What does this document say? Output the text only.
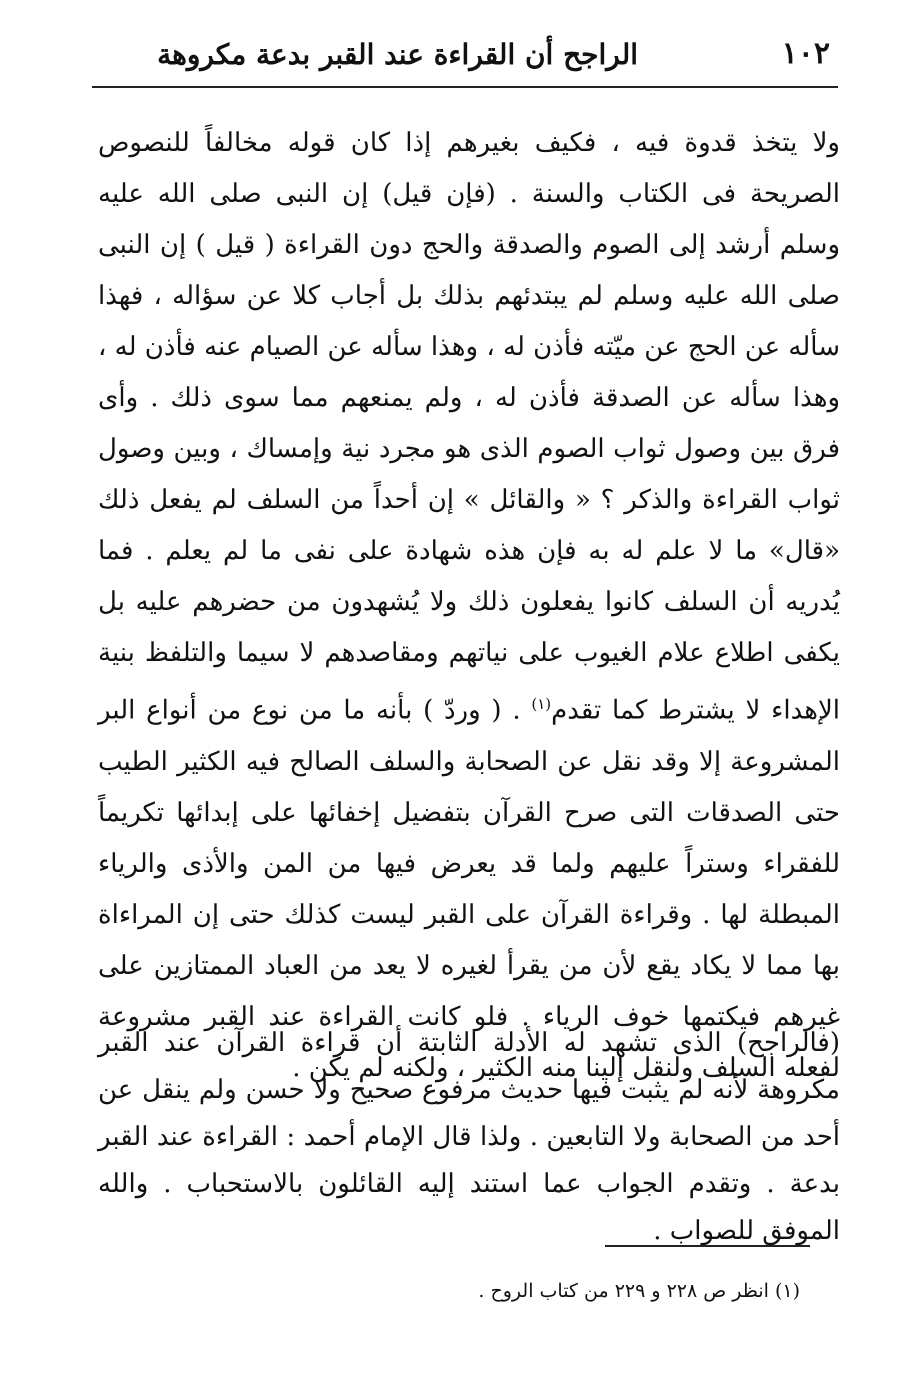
١٠٢
الراجح أن القراءة عند القبر بدعة مكروهة

ولا يتخذ قدوة فيه ، فكيف بغيرهم إذا كان قوله مخالفاً للنصوص الصريحة فى الكتاب والسنة . (فإن قيل) إن النبى صلى الله عليه وسلم أرشد إلى الصوم والصدقة والحج دون القراءة ( قيل ) إن النبى صلى الله عليه وسلم لم يبتدئهم بذلك بل أجاب كلا عن سؤاله ، فهذا سأله عن الحج عن ميّته فأذن له ، وهذا سأله عن الصيام عنه فأذن له ، وهذا سأله عن الصدقة فأذن له ، ولم يمنعهم مما سوى ذلك . وأى فرق بين وصول ثواب الصوم الذى هو مجرد نية وإمساك ، وبين وصول ثواب القراءة والذكر ؟ « والقائل » إن أحداً من السلف لم يفعل ذلك «قال» ما لا علم له به فإن هذه شهادة على نفى ما لم يعلم . فما يُدريه أن السلف كانوا يفعلون ذلك ولا يُشهدون من حضرهم عليه بل يكفى اطلاع علام الغيوب على نياتهم ومقاصدهم لا سيما والتلفظ بنية الإهداء لا يشترط كما تقدم$^{(١)}$ . ( وردّ ) بأنه ما من نوع من أنواع البر المشروعة إلا وقد نقل عن الصحابة والسلف الصالح فيه الكثير الطيب حتى الصدقات التى صرح القرآن بتفضيل إخفائها على إبدائها تكريماً للفقراء وستراً عليهم ولما قد يعرض فيها من المن والأذى والرياء المبطلة لها . وقراءة القرآن على القبر ليست كذلك حتى إن المراءاة بها مما لا يكاد يقع لأن من يقرأ لغيره لا يعد من العباد الممتازين على غيرهم فيكتمها خوف الرياء . فلو كانت القراءة عند القبر مشروعة لفعله السلف ولنقل إلينا منه الكثير ، ولكنه لم يكن .

(فالراجح) الذى تشهد له الأدلة الثابتة أن قراءة القرآن عند القبر مكروهة لأنه لم يثبت فيها حديث مرفوع صحيح ولا حسن ولم ينقل عن أحد من الصحابة ولا التابعين . ولذا قال الإمام أحمد : القراءة عند القبر بدعة . وتقدم الجواب عما استند إليه القائلون بالاستحباب . والله الموفق للصواب .

(١) انظر ص ٢٢٨ و ٢٢٩ من كتاب الروح .
